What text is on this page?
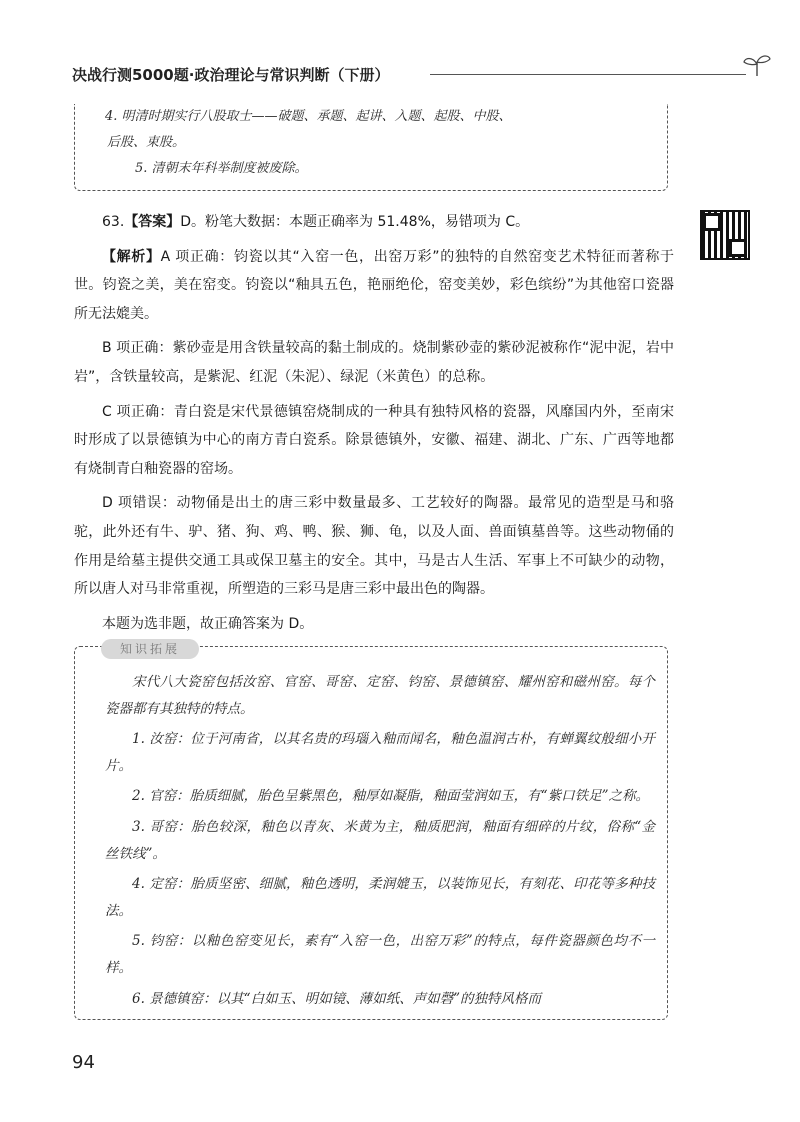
决战行测5000题·政治理论与常识判断（下册）

4. 明清时期实行八股取士——破题、承题、起讲、入题、起股、中股、

后股、束股。

5. 清朝末年科举制度被废除。

63.【答案】D。粉笔大数据：本题正确率为 51.48%，易错项为 C。

【解析】A 项正确：钧瓷以其“入窑一色，出窑万彩”的独特的自然窑变艺术特征而著称于世。钧瓷之美，美在窑变。钧瓷以“釉具五色，艳丽绝伦，窑变美妙，彩色缤纷”为其他窑口瓷器所无法媲美。

B 项正确：紫砂壶是用含铁量较高的黏土制成的。烧制紫砂壶的紫砂泥被称作“泥中泥，岩中岩”，含铁量较高，是紫泥、红泥（朱泥）、绿泥（米黄色）的总称。

C 项正确：青白瓷是宋代景德镇窑烧制成的一种具有独特风格的瓷器，风靡国内外，至南宋时形成了以景德镇为中心的南方青白瓷系。除景德镇外，安徽、福建、湖北、广东、广西等地都有烧制青白釉瓷器的窑场。

D 项错误：动物俑是出土的唐三彩中数量最多、工艺较好的陶器。最常见的造型是马和骆驼，此外还有牛、驴、猪、狗、鸡、鸭、猴、狮、龟，以及人面、兽面镇墓兽等。这些动物俑的作用是给墓主提供交通工具或保卫墓主的安全。其中，马是古人生活、军事上不可缺少的动物，所以唐人对马非常重视，所塑造的三彩马是唐三彩中最出色的陶器。

本题为选非题，故正确答案为 D。

知识拓展

宋代八大瓷窑包括汝窑、官窑、哥窑、定窑、钧窑、景德镇窑、耀州窑和磁州窑。每个瓷器都有其独特的特点。

1. 汝窑：位于河南省，以其名贵的玛瑙入釉而闻名，釉色温润古朴，有蝉翼纹般细小开片。

2. 官窑：胎质细腻，胎色呈紫黑色，釉厚如凝脂，釉面莹润如玉，有“紫口铁足”之称。

3. 哥窑：胎色较深，釉色以青灰、米黄为主，釉质肥润，釉面有细碎的片纹，俗称“金丝铁线”。

4. 定窑：胎质坚密、细腻，釉色透明，柔润媲玉，以装饰见长，有刻花、印花等多种技法。

5. 钧窑：以釉色窑变见长，素有“入窑一色，出窑万彩”的特点，每件瓷器颜色均不一样。

6. 景德镇窑：以其“白如玉、明如镜、薄如纸、声如磬”的独特风格而

94
